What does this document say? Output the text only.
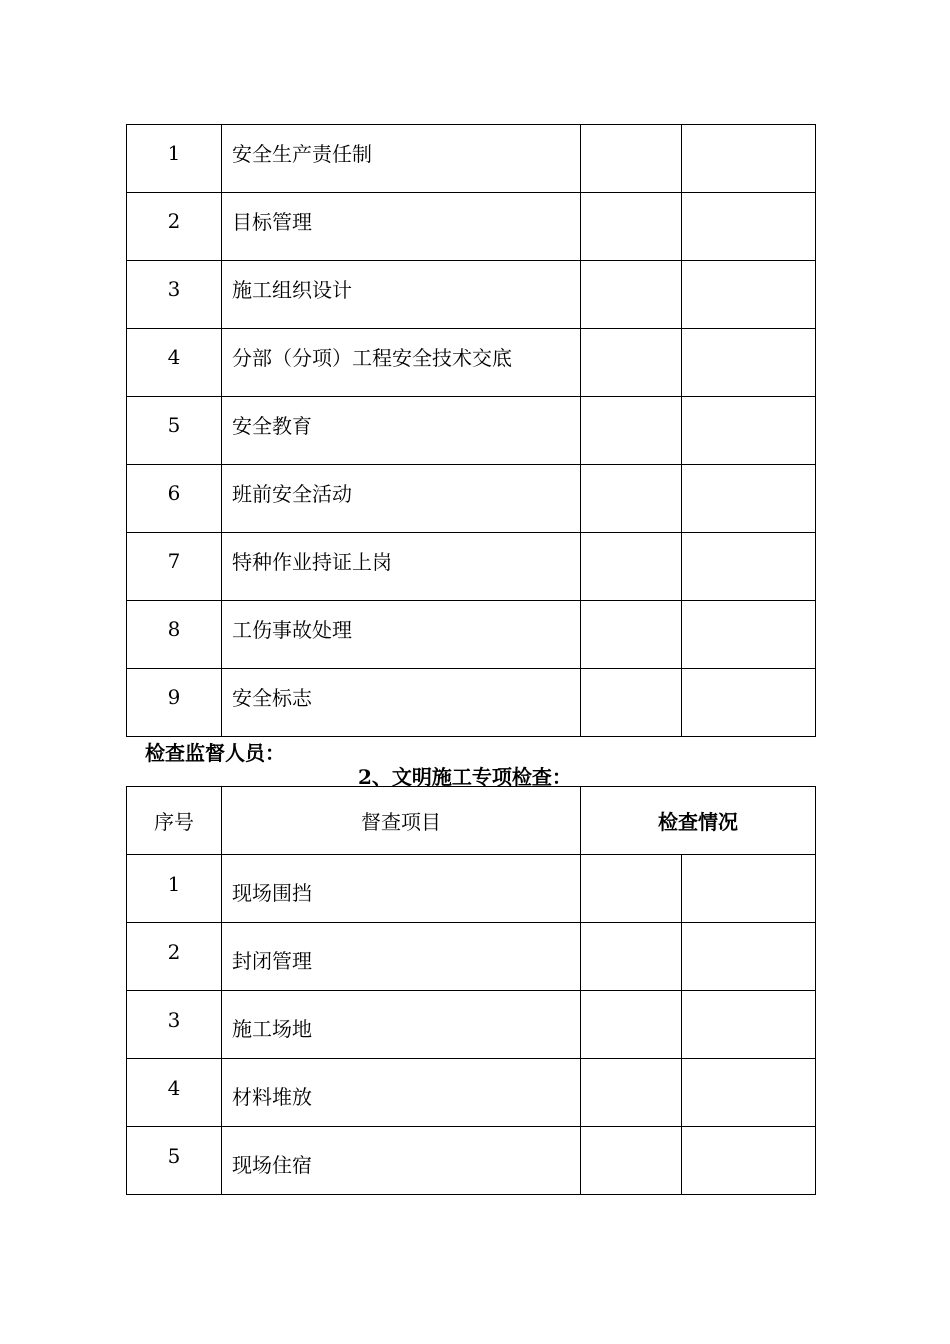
1	安全生产责任制		
2	目标管理		
3	施工组织设计		
4	分部（分项）工程安全技术交底		
5	安全教育		
6	班前安全活动		
7	特种作业持证上岗		
8	工伤事故处理		
9	安全标志		
检查监督人员：
2、文明施工专项检查：
序号	督查项目	检查情况	
1	现场围挡		
2	封闭管理		
3	施工场地		
4	材料堆放		
5	现场住宿		
